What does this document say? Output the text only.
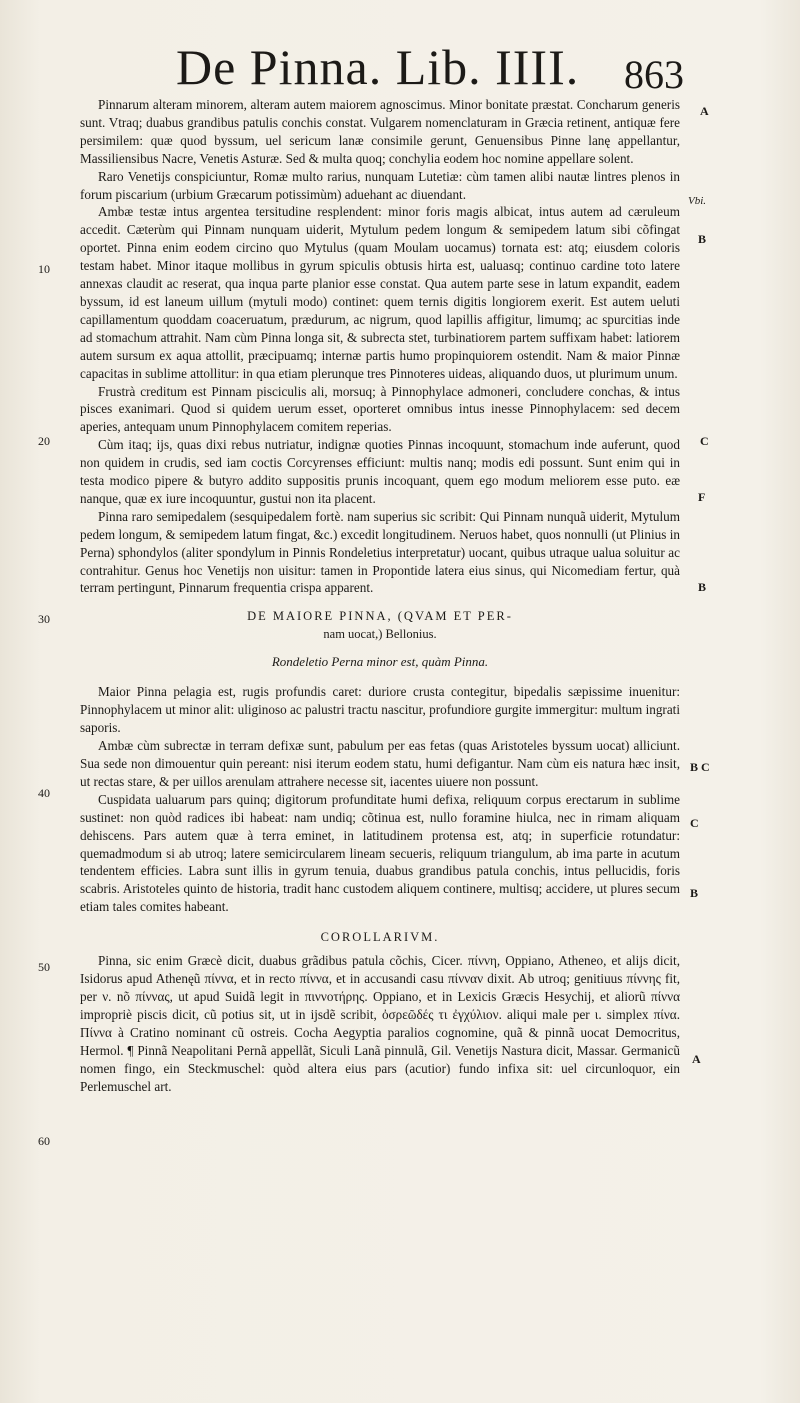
De Pinna. Lib. IIII. 863
A
Vbi.
B
C
F
B
B C
C
B
A
10
20
30
40
50
60

Pinnarum alteram minorem, alteram autem maiorem agnoscimus. Minor bonitate præstat. Concharum generis sunt. Vtraq; duabus grandibus patulis conchis constat. Vulgarem nomenclaturam in Græcia retinent, antiquæ fere persimilem: quæ quod byssum, uel sericum lanæ consimile gerunt, Genuensibus Pinne lanę appellantur, Massiliensibus Nacre, Venetis Asturæ. Sed & multa quoq; conchylia eodem hoc nomine appellare solent.

Raro Venetijs conspiciuntur, Romæ multo rarius, nunquam Lutetiæ: cùm tamen alibi nautæ lintres plenos in forum piscarium (urbium Græcarum potissimùm) aduehant ac diuendant.

Ambæ testæ intus argentea tersitudine resplendent: minor foris magis albicat, intus autem ad cæruleum accedit. Cæterùm qui Pinnam nunquam uiderit, Mytulum pedem longum & semipedem latum sibi cõfingat oportet. Pinna enim eodem circino quo Mytulus (quam Moulam uocamus) tornata est: atq; eiusdem coloris testam habet. Minor itaque mollibus in gyrum spiculis obtusis hirta est, ualuasq; continuo cardine toto latere annexas claudit ac reserat, qua inqua parte planior esse constat. Qua autem parte sese in latum expandit, eadem byssum, id est laneum uillum (mytuli modo) continet: quem ternis digitis longiorem exerit. Est autem ueluti capillamentum quoddam coaceruatum, prædurum, ac nigrum, quod lapillis affigitur, limumq; ac spurcitias inde ad stomachum attrahit. Nam cùm Pinna longa sit, & subrecta stet, turbinatiorem partem suffixam habet: latiorem autem sursum ex aqua attollit, præcipuamq; internæ partis humo propinquiorem ostendit. Nam & maior Pinnæ capacitas in sublime attollitur: in qua etiam plerunque tres Pinnoteres uideas, aliquando duos, ut plurimum unum.

Frustrà creditum est Pinnam pisciculis ali, morsuq; à Pinnophylace admoneri, concludere conchas, & intus pisces exanimari. Quod si quidem uerum esset, oporteret omnibus intus inesse Pinnophylacem: sed decem aperies, antequam unum Pinnophylacem comitem reperias.

Cùm itaq; ijs, quas dixi rebus nutriatur, indignæ quoties Pinnas incoquunt, stomachum inde auferunt, quod non quidem in crudis, sed iam coctis Corcyrenses efficiunt: multis nanq; modis edi possunt. Sunt enim qui in testa modico pipere & butyro addito suppositis prunis incoquant, quem ego modum meliorem esse puto. eæ nanque, quæ ex iure incoquuntur, gustui non ita placent.

Pinna raro semipedalem (sesquipedalem fortè. nam superius sic scribit: Qui Pinnam nunquã uiderit, Mytulum pedem longum, & semipedem latum fingat, &c.) excedit longitudinem. Neruos habet, quos nonnulli (ut Plinius in Perna) sphondylos (aliter spondylum in Pinnis Rondeletius interpretatur) uocant, quibus utraque ualua soluitur ac contrahitur. Genus hoc Venetijs non uisitur: tamen in Propontide latera eius sinus, qui Nicomediam fertur, quà terram pertingunt, Pinnarum frequentia crispa apparent.

DE MAIORE PINNA, (QVAM ET PER-
nam uocat,) Bellonius.
Rondeletio Perna minor est, quàm Pinna.

Maior Pinna pelagia est, rugis profundis caret: duriore crusta contegitur, bipedalis sæpissime inuenitur: Pinnophylacem ut minor alit: uliginoso ac palustri tractu nascitur, profundiore gurgite immergitur: multum ingrati saporis.

Ambæ cùm subrectæ in terram defixæ sunt, pabulum per eas fetas (quas Aristoteles byssum uocat) alliciunt. Sua sede non dimouentur quin pereant: nisi iterum eodem statu, humi defigantur. Nam cùm eis natura hæc insit, ut rectas stare, & per uillos arenulam attrahere necesse sit, iacentes uiuere non possunt.

Cuspidata ualuarum pars quinq; digitorum profunditate humi defixa, reliquum corpus erectarum in sublime sustinet: non quòd radices ibi habeat: nam undiq; cõtinua est, nullo foramine hiulca, nec in rimam aliquam dehiscens. Pars autem quæ à terra eminet, in latitudinem protensa est, atq; in superficie rotundatur: quemadmodum si ab utroq; latere semicircularem lineam secueris, reliquum triangulum, ab ima parte in acutum tendentem efficies. Labra sunt illis in gyrum tenuia, duabus grandibus patula conchis, intus pellucidis, foris scabris. Aristoteles quinto de historia, tradit hanc custodem aliquem continere, multisq; accidere, ut plures secum etiam tales comites habeant.

COROLLARIVM.

Pinna, sic enim Græcè dicit, duabus grãdibus patula cõchis, Cicer. πίννη, Oppiano, Atheneo, et alijs dicit, Isidorus apud Athenęũ πίννα, et in recto πίννα, et in accusandi casu πίνναν dixit. Ab utroq; genitiuus πίννης fit, per ν. nõ πίννας, ut apud Suidã legit in πιννοτήρης. Oppiano, et in Lexicis Græcis Hesychij, et aliorũ πίννα impropriè piscis dicit, cũ potius sit, ut in ijsdẽ scribit, ὀσρεῶδές τι ἐγχύλιον. aliqui male per ι. simplex πίνα. Πίννα à Cratino nominant cũ ostreis. Cocha Aegyptia paralios cognomine, quã & pinnã uocat Democritus, Hermol. ¶ Pinnã Neapolitani Pernã appellãt, Siculi Lanã pinnulã, Gil. Venetijs Nastura dicit, Massar. Germanicũ nomen fingo, ein Steckmuschel: quòd altera eius pars (acutior) fundo infixa sit: uel circunloquor, ein Perlemuschel art.
